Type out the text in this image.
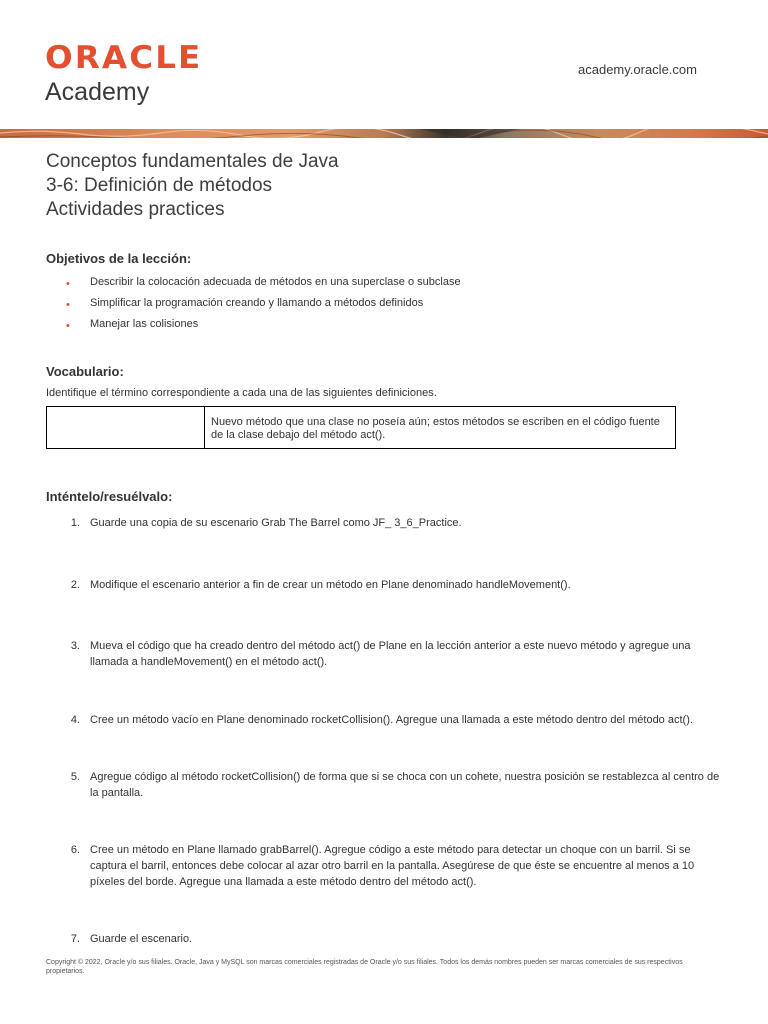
ORACLE
Academy
academy.oracle.com
Conceptos fundamentales de Java
3-6: Definición de métodos
Actividades practices
Objetivos de la lección:
• Describir la colocación adecuada de métodos en una superclase o subclase
• Simplificar la programación creando y llamando a métodos definidos
• Manejar las colisiones
Vocabulario:
Identifique el término correspondiente a cada una de las siguientes definiciones.
Nuevo método que una clase no poseía aún; estos métodos se escriben en el código fuente de la clase debajo del método act().
Inténtelo/resuélvalo:
1. Guarde una copia de su escenario Grab The Barrel como JF_ 3_6_Practice.
2. Modifique el escenario anterior a fin de crear un método en Plane denominado handleMovement().
3. Mueva el código que ha creado dentro del método act() de Plane en la lección anterior a este nuevo método y agregue una llamada a handleMovement() en el método act().
4. Cree un método vacío en Plane denominado rocketCollision(). Agregue una llamada a este método dentro del método act().
5. Agregue código al método rocketCollision() de forma que si se choca con un cohete, nuestra posición se restablezca al centro de la pantalla.
6. Cree un método en Plane llamado grabBarrel(). Agregue código a este método para detectar un choque con un barril. Si se captura el barril, entonces debe colocar al azar otro barril en la pantalla. Asegúrese de que éste se encuentre al menos a 10 píxeles del borde. Agregue una llamada a este método dentro del método act().
7. Guarde el escenario.
Copyright © 2022, Oracle y/o sus filiales. Oracle, Java y MySQL son marcas comerciales registradas de Oracle y/o sus filiales. Todos los demás nombres pueden ser marcas comerciales de sus respectivos propietarios.
